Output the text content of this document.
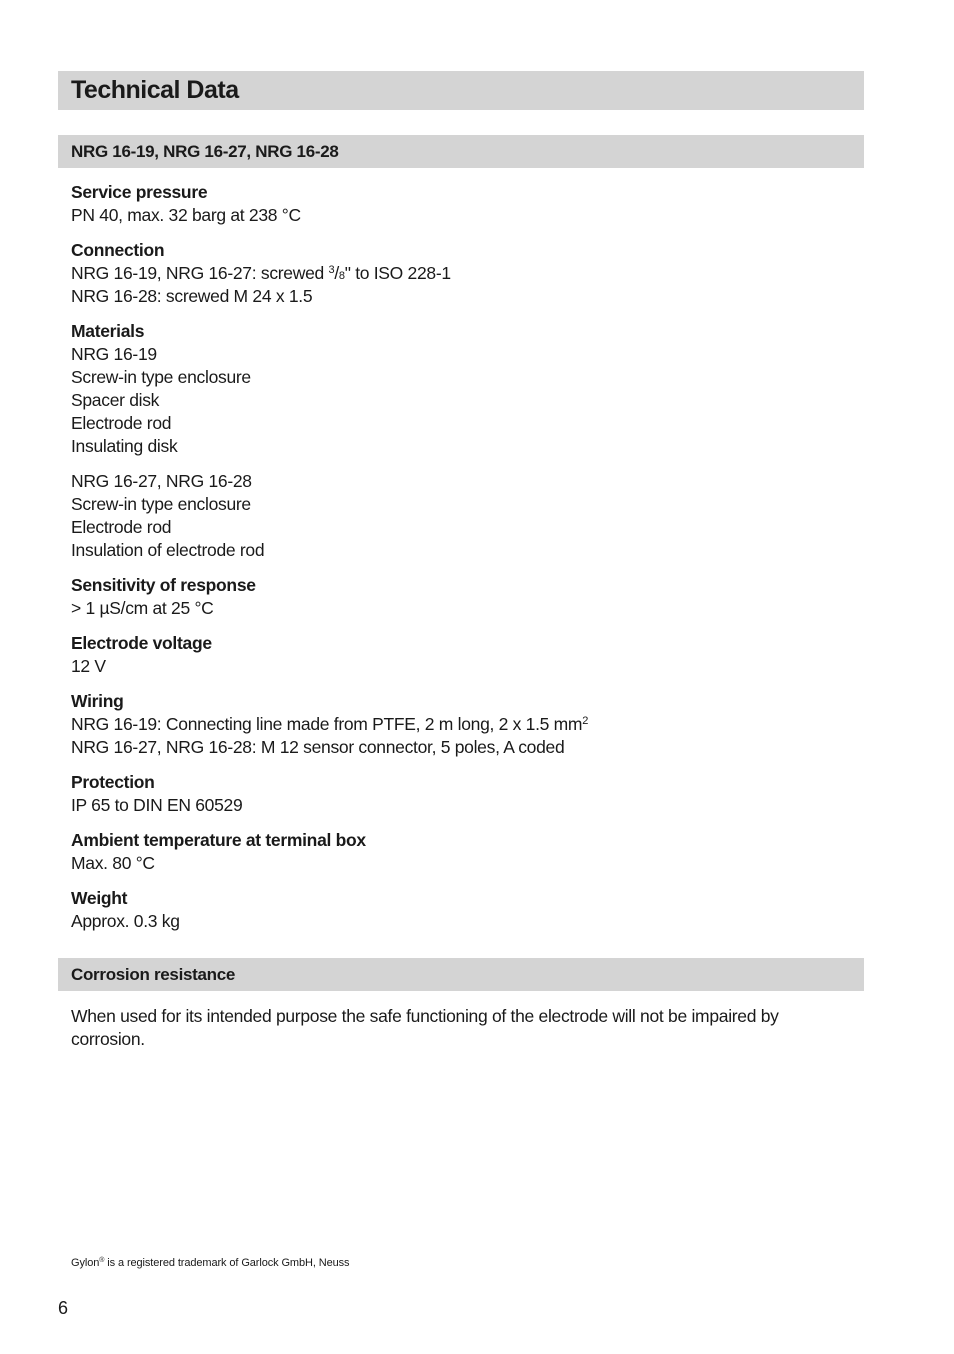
Technical Data
NRG 16-19, NRG 16-27, NRG 16-28
Service pressure
PN 40, max. 32 barg at 238 °C
Connection
NRG 16-19, NRG 16-27: screwed $^3$/8" to ISO 228-1
NRG 16-28: screwed M 24 x 1.5
Materials
NRG 16-19
Screw-in type enclosure
Spacer disk
Electrode rod
Insulating disk
NRG 16-27, NRG 16-28
Screw-in type enclosure
Electrode rod
Insulation of electrode rod
Sensitivity of response
> 1 µS/cm at 25 °C
Electrode voltage
12 V
Wiring
NRG 16-19: Connecting line made from PTFE, 2 m long, 2 x 1.5 $mm^2$
NRG 16-27, NRG 16-28: M 12 sensor connector, 5 poles, A coded
Protection
IP 65 to DIN EN 60529
Ambient temperature at terminal box
Max. 80 °C
Weight
Approx. 0.3 kg
Corrosion resistance
When used for its intended purpose the safe functioning of the electrode will not be impaired by corrosion.
Gylon® is a registered trademark of Garlock GmbH, Neuss
6
